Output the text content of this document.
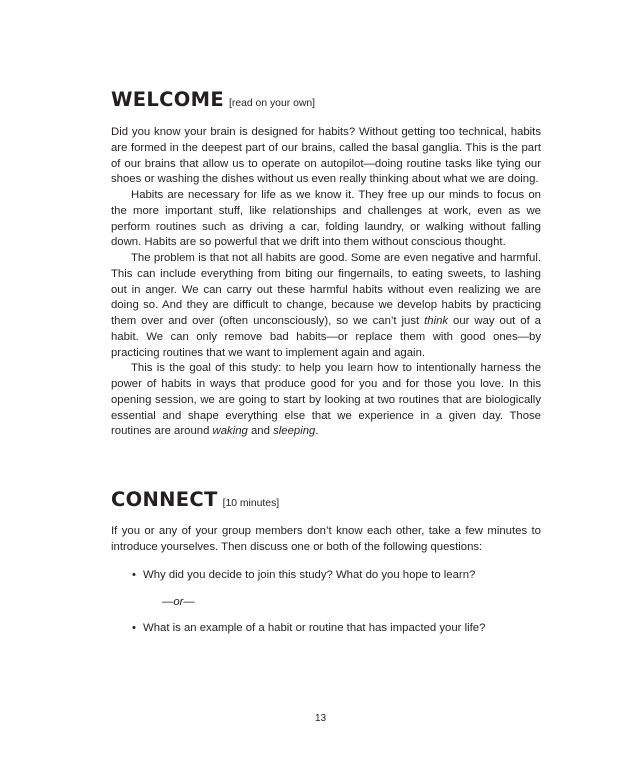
WELCOME [read on your own]

Did you know your brain is designed for habits? Without getting too technical, habits are formed in the deepest part of our brains, called the basal ganglia. This is the part of our brains that allow us to operate on autopilot—doing routine tasks like tying our shoes or washing the dishes without us even really thinking about what we are doing.

Habits are necessary for life as we know it. They free up our minds to focus on the more important stuff, like relationships and challenges at work, even as we perform routines such as driving a car, folding laundry, or walking without falling down. Habits are so powerful that we drift into them without conscious thought.

The problem is that not all habits are good. Some are even negative and harmful. This can include everything from biting our fingernails, to eating sweets, to lashing out in anger. We can carry out these harmful habits without even realizing we are doing so. And they are difficult to change, because we develop habits by practicing them over and over (often unconsciously), so we can’t just think our way out of a habit. We can only remove bad habits—or replace them with good ones—by practicing routines that we want to implement again and again.

This is the goal of this study: to help you learn how to intentionally harness the power of habits in ways that produce good for you and for those you love. In this opening session, we are going to start by looking at two routines that are biologically essential and shape everything else that we experience in a given day. Those routines are around waking and sleeping.

CONNECT [10 minutes]

If you or any of your group members don’t know each other, take a few minutes to introduce yourselves. Then discuss one or both of the following questions:

• Why did you decide to join this study? What do you hope to learn?
—or—
• What is an example of a habit or routine that has impacted your life?
13
